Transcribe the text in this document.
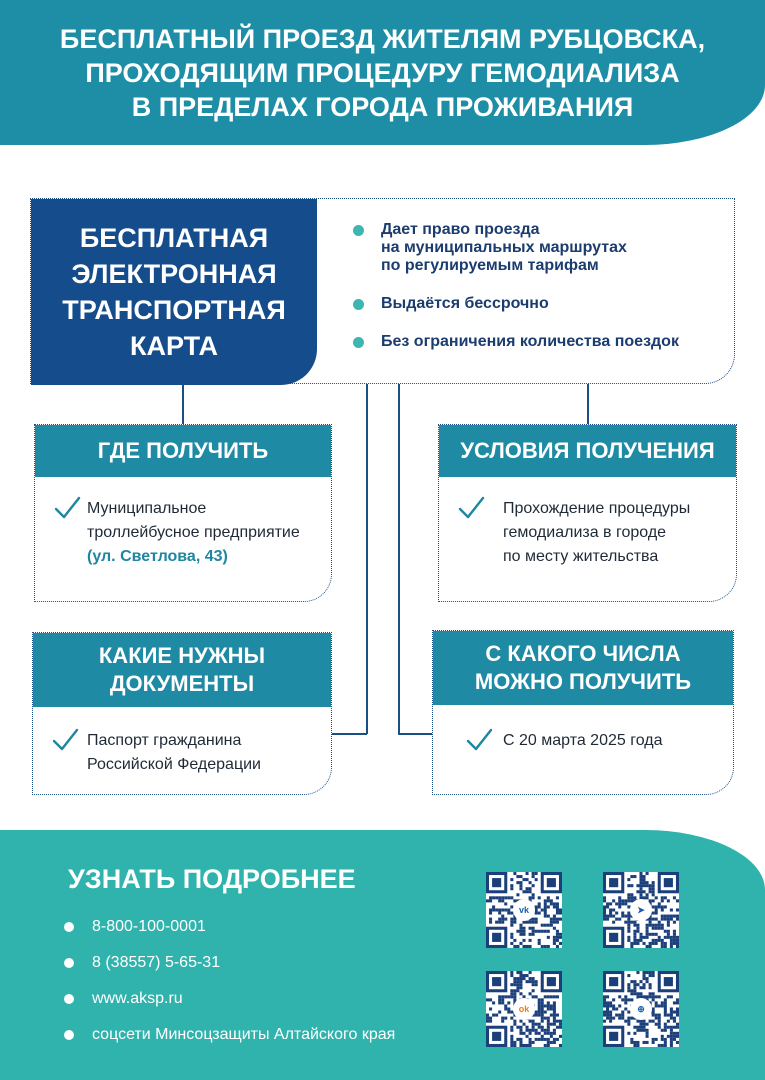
БЕСПЛАТНЫЙ ПРОЕЗД ЖИТЕЛЯМ РУБЦОВСКА,
ПРОХОДЯЩИМ ПРОЦЕДУРУ ГЕМОДИАЛИЗА
В ПРЕДЕЛАХ ГОРОДА ПРОЖИВАНИЯ
БЕСПЛАТНАЯ
ЭЛЕКТРОННАЯ
ТРАНСПОРТНАЯ
КАРТА
Дает право проезда
на муниципальных маршрутах
по регулируемым тарифам
Выдаётся бессрочно
Без ограничения количества поездок
ГДЕ ПОЛУЧИТЬ
Муниципальное
троллейбусное предприятие
(ул. Светлова, 43)
УСЛОВИЯ ПОЛУЧЕНИЯ
Прохождение процедуры
гемодиализа в городе
по месту жительства
КАКИЕ НУЖНЫ
ДОКУМЕНТЫ
Паспорт гражданина
Российской Федерации
С КАКОГО ЧИСЛА
МОЖНО ПОЛУЧИТЬ
С 20 марта 2025 года
УЗНАТЬ ПОДРОБНЕЕ
8-800-100-0001
8 (38557) 5-65-31
www.aksp.ru
соцсети Минсоцзащиты Алтайского края
vk	➤
ok	⊕
